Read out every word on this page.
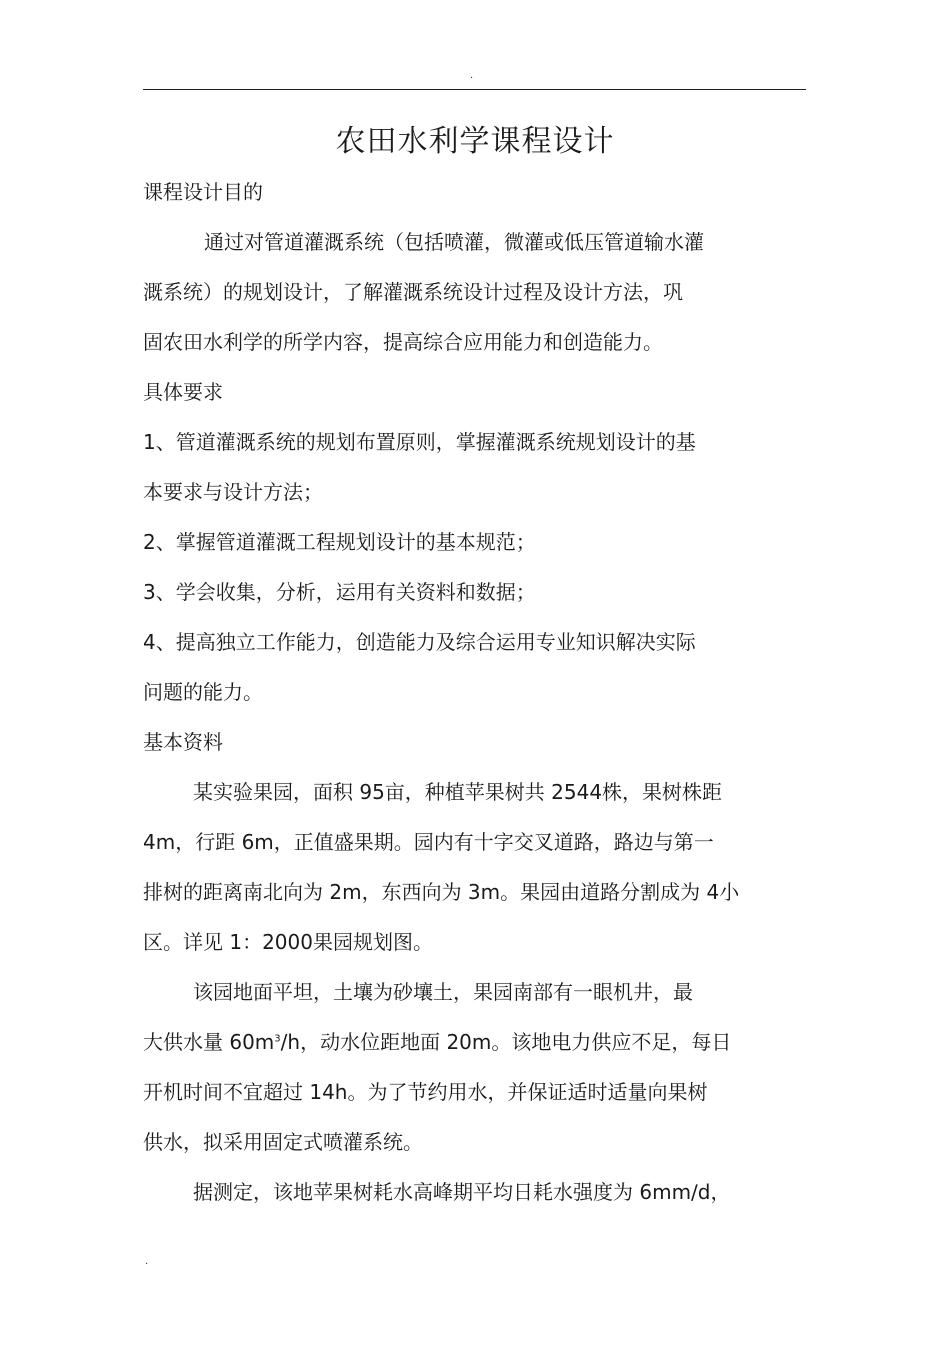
.
农田水利学课程设计
课程设计目的
通过对管道灌溉系统（包括喷灌，微灌或低压管道输水灌
溉系统）的规划设计，了解灌溉系统设计过程及设计方法，巩
固农田水利学的所学内容，提高综合应用能力和创造能力。
具体要求
1、管道灌溉系统的规划布置原则，掌握灌溉系统规划设计的基
本要求与设计方法；
2、掌握管道灌溉工程规划设计的基本规范；
3、学会收集，分析，运用有关资料和数据；
4、提高独立工作能力，创造能力及综合运用专业知识解决实际
问题的能力。
基本资料
某实验果园，面积 95亩，种植苹果树共 2544株，果树株距
4m，行距 6m，正值盛果期。园内有十字交叉道路，路边与第一
排树的距离南北向为 2m，东西向为 3m。果园由道路分割成为 4小
区。详见 1：2000果园规划图。
该园地面平坦，土壤为砂壤土，果园南部有一眼机井，最
大供水量 $60m^3/h$，动水位距地面 20m。该地电力供应不足，每日
开机时间不宜超过 14h。为了节约用水，并保证适时适量向果树
供水，拟采用固定式喷灌系统。
据测定，该地苹果树耗水高峰期平均日耗水强度为 6mm∕d，
.
